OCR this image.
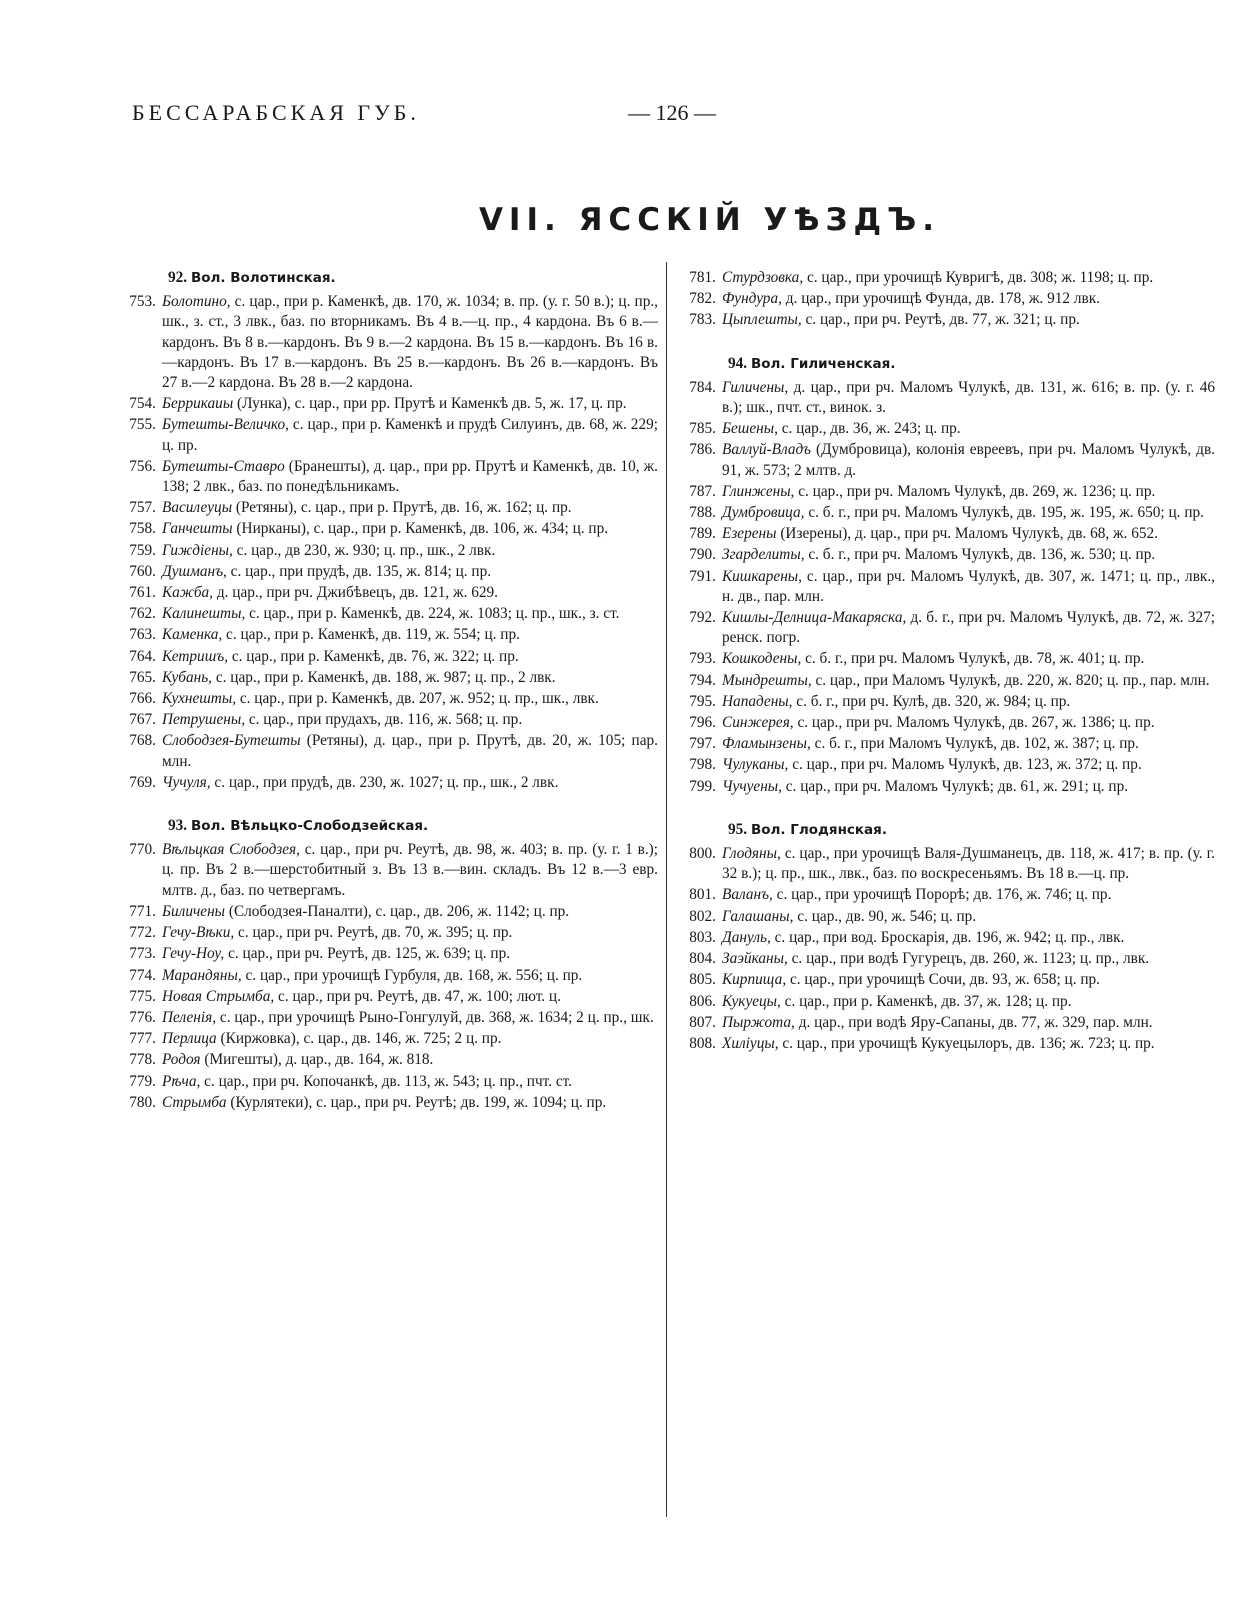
БЕССАРАБСКАЯ ГУБ.	— 126 —
VII. ЯССКІЙ УѢЗДЪ.
92. Вол. Волотинская.
753. Болотино, с. цар., при р. Каменкѣ, дв. 170, ж. 1034; в. пр. (у. г. 50 в.); ц. пр., шк., з. ст., 3 лвк., баз. по вторникамъ. Въ 4 в.—ц. пр., 4 кардона. Въ 6 в.—кардонъ. Въ 8 в.—кардонъ. Въ 9 в.—2 кардона. Въ 15 в.—кардонъ. Въ 16 в.—кардонъ. Въ 17 в.—кардонъ. Въ 25 в.—кардонъ. Въ 26 в.—кардонъ. Въ 27 в.—2 кардона. Въ 28 в.—2 кардона.
754. Беррикаиы (Лунка), с. цар., при рр. Прутѣ и Каменкѣ дв. 5, ж. 17, ц. пр.
755. Бутешты-Величко, с. цар., при р. Каменкѣ и прудѣ Силуинъ, дв. 68, ж. 229; ц. пр.
756. Бутешты-Ставро (Бранешты), д. цар., при рр. Прутѣ и Каменкѣ, дв. 10, ж. 138; 2 лвк., баз. по понедѣльникамъ.
757. Василеуцы (Ретяны), с. цар., при р. Прутѣ, дв. 16, ж. 162; ц. пр.
758. Ганчешты (Нирканы), с. цар., при р. Каменкѣ, дв. 106, ж. 434; ц. пр.
759. Гиждіены, с. цар., дв 230, ж. 930; ц. пр., шк., 2 лвк.
760. Душманъ, с. цар., при прудѣ, дв. 135, ж. 814; ц. пр.
761. Кажба, д. цар., при рч. Джибѣвецъ, дв. 121, ж. 629.
762. Калинешты, с. цар., при р. Каменкѣ, дв. 224, ж. 1083; ц. пр., шк., з. ст.
763. Каменка, с. цар., при р. Каменкѣ, дв. 119, ж. 554; ц. пр.
764. Кетришъ, с. цар., при р. Каменкѣ, дв. 76, ж. 322; ц. пр.
765. Кубань, с. цар., при р. Каменкѣ, дв. 188, ж. 987; ц. пр., 2 лвк.
766. Кухнешты, с. цар., при р. Каменкѣ, дв. 207, ж. 952; ц. пр., шк., лвк.
767. Петрушены, с. цар., при прудахъ, дв. 116, ж. 568; ц. пр.
768. Слободзея-Бутешты (Ретяны), д. цар., при р. Прутѣ, дв. 20, ж. 105; пар. млн.
769. Чучуля, с. цар., при прудѣ, дв. 230, ж. 1027; ц. пр., шк., 2 лвк.
93. Вол. Вѣльцко-Слободзейская.
770. Вѣльцкая Слободзея, с. цар., при рч. Реутѣ, дв. 98, ж. 403; в. пр. (у. г. 1 в.); ц. пр. Въ 2 в.—шерстобитный з. Въ 13 в.—вин. складъ. Въ 12 в.—3 евр. млтв. д., баз. по четвергамъ.
771. Биличены (Слободзея-Паналти), с. цар., дв. 206, ж. 1142; ц. пр.
772. Гечу-Вѣки, с. цар., при рч. Реутѣ, дв. 70, ж. 395; ц. пр.
773. Гечу-Ноу, с. цар., при рч. Реутѣ, дв. 125, ж. 639; ц. пр.
774. Марандяны, с. цар., при урочищѣ Гурбуля, дв. 168, ж. 556; ц. пр.
775. Новая Стрымба, с. цар., при рч. Реутѣ, дв. 47, ж. 100; лют. ц.
776. Пеленія, с. цар., при урочищѣ Рыно-Гонгулуй, дв. 368, ж. 1634; 2 ц. пр., шк.
777. Перлица (Киржовка), с. цар., дв. 146, ж. 725; 2 ц. пр.
778. Родоя (Мигешты), д. цар., дв. 164, ж. 818.
779. Рѣча, с. цар., при рч. Копочанкѣ, дв. 113, ж. 543; ц. пр., пчт. ст.
780. Стрымба (Курлятеки), с. цар., при рч. Реутѣ; дв. 199, ж. 1094; ц. пр.
781. Стурдзовка, с. цар., при урочищѣ Кувригѣ, дв. 308; ж. 1198; ц. пр.
782. Фундура, д. цар., при урочищѣ Фунда, дв. 178, ж. 912 лвк.
783. Цыплешты, с. цар., при рч. Реутѣ, дв. 77, ж. 321; ц. пр.
94. Вол. Гиличенская.
784. Гиличены, д. цар., при рч. Маломъ Чулукѣ, дв. 131, ж. 616; в. пр. (у. г. 46 в.); шк., пчт. ст., винок. з.
785. Бешены, с. цар., дв. 36, ж. 243; ц. пр.
786. Валлуй-Владъ (Думбровица), колонія евреевъ, при рч. Маломъ Чулукѣ, дв. 91, ж. 573; 2 млтв. д.
787. Глинжены, с. цар., при рч. Маломъ Чулукѣ, дв. 269, ж. 1236; ц. пр.
788. Думбровица, с. б. г., при рч. Маломъ Чулукѣ, дв. 195, ж. 195, ж. 650; ц. пр.
789. Езерены (Изерены), д. цар., при рч. Маломъ Чулукѣ, дв. 68, ж. 652.
790. Згарделиты, с. б. г., при рч. Маломъ Чулукѣ, дв. 136, ж. 530; ц. пр.
791. Кишкарены, с. цар., при рч. Маломъ Чулукѣ, дв. 307, ж. 1471; ц. пр., лвк., н. дв., пар. млн.
792. Кишлы-Делница-Макаряска, д. б. г., при рч. Маломъ Чулукѣ, дв. 72, ж. 327; ренск. погр.
793. Кошкодены, с. б. г., при рч. Маломъ Чулукѣ, дв. 78, ж. 401; ц. пр.
794. Мындрешты, с. цар., при Маломъ Чулукѣ, дв. 220, ж. 820; ц. пр., пар. млн.
795. Нападены, с. б. г., при рч. Кулѣ, дв. 320, ж. 984; ц. пр.
796. Синжерея, с. цар., при рч. Маломъ Чулукѣ, дв. 267, ж. 1386; ц. пр.
797. Фламынзены, с. б. г., при Маломъ Чулукѣ, дв. 102, ж. 387; ц. пр.
798. Чулуканы, с. цар., при рч. Маломъ Чулукѣ, дв. 123, ж. 372; ц. пр.
799. Чучуены, с. цар., при рч. Маломъ Чулукѣ; дв. 61, ж. 291; ц. пр.
95. Вол. Глодянская.
800. Глодяны, с. цар., при урочищѣ Валя-Душманецъ, дв. 118, ж. 417; в. пр. (у. г. 32 в.); ц. пр., шк., лвк., баз. по воскресеньямъ. Въ 18 в.—ц. пр.
801. Валанъ, с. цар., при урочищѣ Порорѣ; дв. 176, ж. 746; ц. пр.
802. Галашаны, с. цар., дв. 90, ж. 546; ц. пр.
803. Дануль, с. цар., при вод. Броскарія, дв. 196, ж. 942; ц. пр., лвк.
804. Заэйканы, с. цар., при водѣ Гугурецъ, дв. 260, ж. 1123; ц. пр., лвк.
805. Кирпища, с. цар., при урочищѣ Сочи, дв. 93, ж. 658; ц. пр.
806. Кукуецы, с. цар., при р. Каменкѣ, дв. 37, ж. 128; ц. пр.
807. Пыржота, д. цар., при водѣ Яру-Сапаны, дв. 77, ж. 329, пар. млн.
808. Хиліуцы, с. цар., при урочищѣ Кукуецылоръ, дв. 136; ж. 723; ц. пр.
